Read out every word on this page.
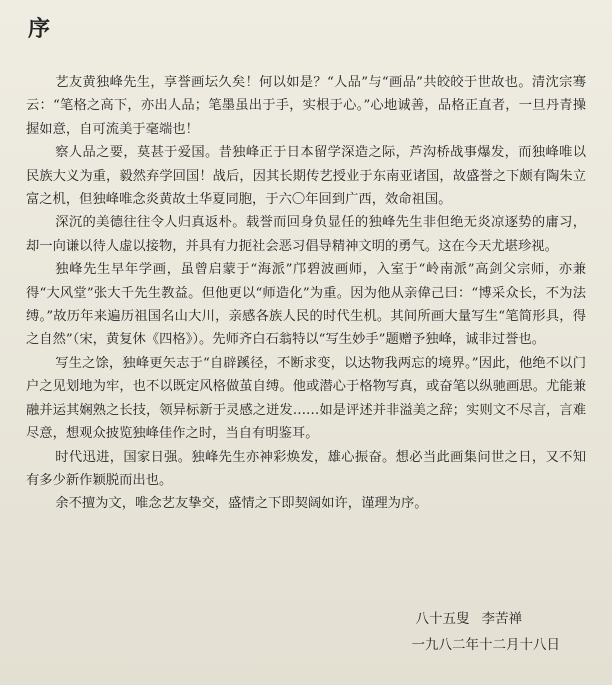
序

艺友黄独峰先生，享誉画坛久矣！何以如是？“人品”与“画品”共皎皎于世故也。清沈宗骞云：“笔格之高下，亦出人品；笔墨虽出于手，实根于心。”心地诚善，品格正直者，一旦丹青操握如意，自可流美于毫端也！

察人品之要，莫甚于爱国。昔独峰正于日本留学深造之际，芦沟桥战事爆发，而独峰唯以民族大义为重，毅然弃学回国！战后，因其长期传艺授业于东南亚诸国，故盛誉之下颇有陶朱立富之机，但独峰唯念炎黄故土华夏同胞，于六〇年回到广西，效命祖国。

深沉的美德往往令人归真返朴。载誉而回身负显任的独峰先生非但绝无炎凉逐势的庸习，却一向谦以待人虚以接物，并具有力扼社会恶习倡导精神文明的勇气。这在今天尤堪珍视。

独峰先生早年学画，虽曾启蒙于“海派”邝碧波画师，入室于“岭南派”高剑父宗师，亦兼得“大风堂”张大千先生教益。但他更以“师造化”为重。因为他从亲偉己曰：“博采众长，不为法缚。”故历年来遍历祖国名山大川，亲感各族人民的时代生机。其间所画大量写生“笔简形具，得之自然”（宋，黄复休《四格》）。先师齐白石翁特以“写生妙手”题赠予独峰，诚非过誉也。

写生之馀，独峰更矢志于“自辟蹊径，不断求变，以达物我两忘的境界。”因此，他绝不以门户之见划地为牢，也不以既定风格做茧自缚。他或潜心于格物写真，或奋笔以纵驰画思。尤能兼融并运其娴熟之长技，领异标新于灵感之迸发……如是评述并非溢美之辞；实则文不尽言，言难尽意，想观众披览独峰佳作之时，当自有明鉴耳。

时代迅进，国家日强。独峰先生亦神彩焕发，雄心振奋。想必当此画集问世之日，又不知有多少新作颖脱而出也。

余不擅为文，唯念艺友挚交，盛情之下即契阔如许，谨理为序。

八十五叟 李苦禅
一九八二年十二月十八日
